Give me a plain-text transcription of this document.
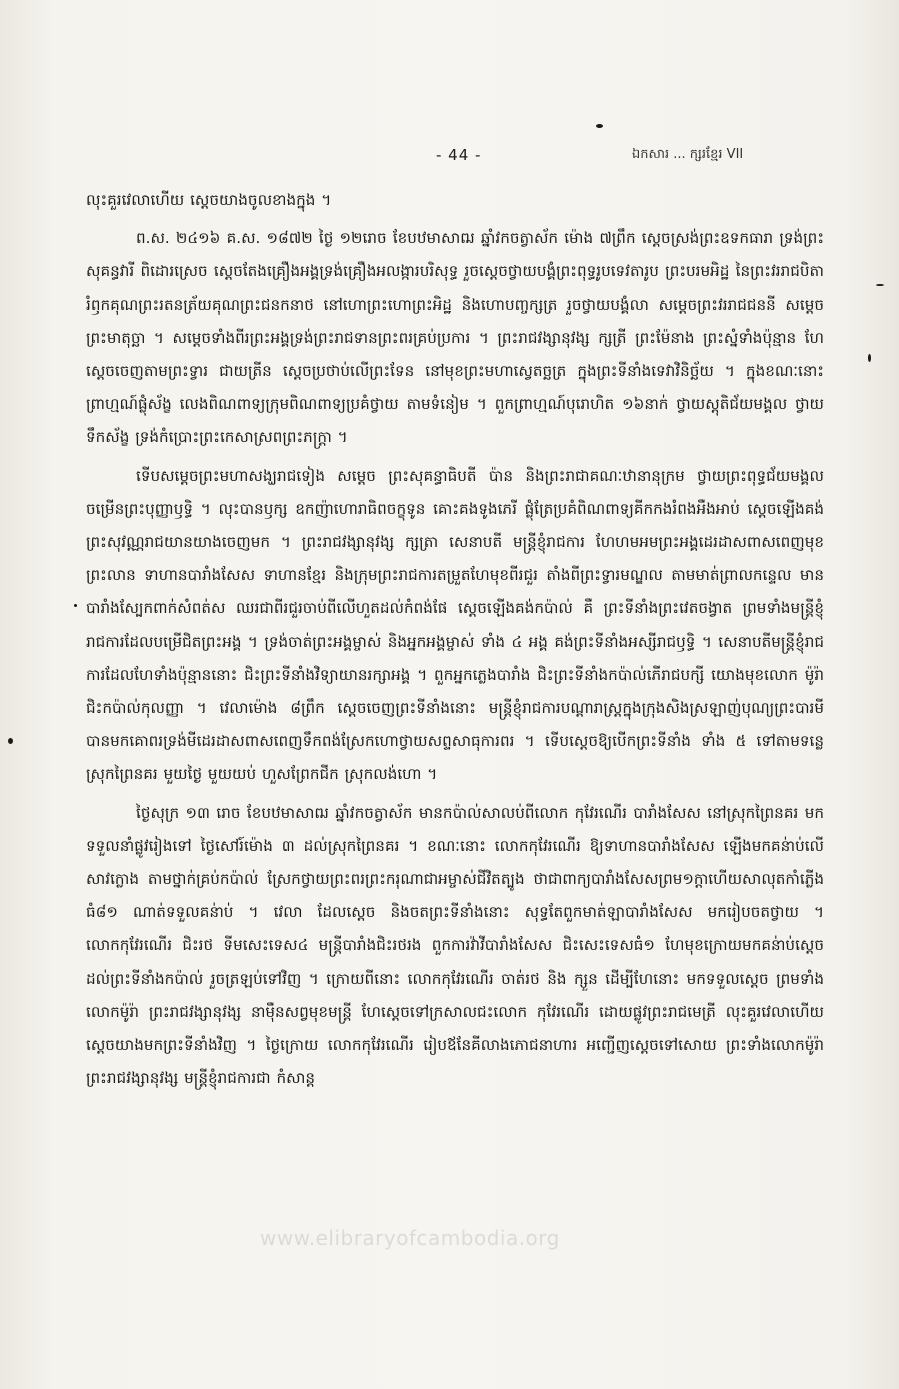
- 44 -	ឯកសារ ... ក្សរខ្មែរ VII

លុះគួរវេលាហើយ ស្តេចយាងចូលខាងក្នុង ។

ព.ស. ២៤១៦ គ.ស. ១៨៧២ ថ្ងៃ ១២រោច ខែបឋមាសាឍ ឆ្នាំវកចត្វាស័ក ម៉ោង ៧ព្រឹក ស្តេចស្រង់ព្រះឧទកធារា ទ្រង់ព្រះសុគន្ធវារី ពិដោរស្រេច ស្តេចតែងគ្រឿងអង្គទ្រង់គ្រឿងអលង្ការបរិសុទ្ធ រួចស្តេចថ្វាយបង្គំព្រះពុទ្ធរូបទេវតារូប ព្រះបរមអិដ្ឋ នៃព្រះវររាជបិតា រំឭកគុណព្រះរតនត្រ័យគុណព្រះជនកនាថ នៅហោព្រះហោព្រះអិដ្ឋ និងហោបញ្ចក្សត្រ រួចថ្វាយបង្គំលា សម្តេចព្រះវររាជជននី សម្តេចព្រះមាតុច្ឆា ។ សម្តេចទាំងពីរព្រះអង្គទ្រង់ព្រះរាជទានព្រះពរគ្រប់ប្រការ ។ ព្រះរាជវង្សានុវង្ស ក្សត្រី ព្រះម៉ែនាង ព្រះស្នំទាំងប៉ុន្មាន ហែស្តេចចេញតាមព្រះទ្វារ ជាយត្រីន ស្តេចប្រថាប់លើព្រះទែន នៅមុខព្រះមហាស្វេតច្ឆត្រ ក្នុងព្រះទីនាំងទេវាវិនិច្ឆ័យ ។ ក្នុងខណៈនោះ ព្រាហ្មណ៍ផ្លុំស័ង្ខ លេងពិណពាទ្យក្រុមពិណពាទ្យប្រគំថ្វាយ តាមទំនៀម ។ ពួកព្រាហ្មណ៍បុរោហិត ១៦នាក់ ថ្វាយស្តុតិជ័យមង្គល ថ្វាយទឹកស័ង្ខ ទ្រង់កំប្រោះព្រះកេសាស្រពព្រះភក្ត្រា ។

ទើបសម្តេចព្រះមហាសង្ឃរាជទៀង សម្តេច ព្រះសុគន្ធាធិបតី ប៉ាន និងព្រះរាជាគណៈឋានានុក្រម ថ្វាយព្រះពុទ្ធជ័យមង្គល ចម្រើនព្រះបុញ្ញាឫទ្ធិ ។ លុះបានឫក្ស ឧកញ៉ាហោរាធិពចក្ខុទូន គោះគងទូងភេរី ផ្លុំត្រែប្រគំពិណពាទ្យគីកកងរំពងអឺងអាប់ ស្តេចឡើងគង់ព្រះសុវណ្ណរាជយានយាងចេញមក ។ ព្រះរាជវង្សានុវង្ស ក្សត្រា សេនាបតី មន្ត្រីខ្ញុំរាជការ ហែហមអមព្រះអង្គដេរដាសពាសពេញមុខព្រះលាន ទាហានបារាំងសែស ទាហានខ្មែរ និងក្រុមព្រះរាជការតម្រួតហែមុខពីរជួរ តាំងពីព្រះទ្វារមណ្ឌល តាមមាត់ព្រាលកន្ទេល មានបារាំងស្បែកពាក់សំពត់ស ឈរជាពីរជួរចាប់ពីលើហួតដល់កំពង់ផែ ស្តេចឡើងគង់កប៉ាល់ គឺ ព្រះទីនាំងព្រះវេតចង្វាត ព្រមទាំងមន្ត្រីខ្ញុំរាជការដែលបម្រើជិតព្រះអង្គ ។ ទ្រង់ចាត់ព្រះអង្គម្ចាស់ និងអ្នកអង្គម្ចាស់ ទាំង ៤ អង្គ គង់ព្រះទីនាំងអស្សីរាជឫទ្ធិ ។ សេនាបតីមន្ត្រីខ្ញុំរាជការដែលហែទាំងប៉ុន្មាននោះ ជិះព្រះទីនាំងវិទ្យាយានរក្សាអង្គ ។ ពួកអ្នកភ្លេងបារាំង ជិះព្រះទីនាំងកប៉ាល់ភើរាជបក្សី យោងមុខលោក ម៉ូរ៉ា ជិះកប៉ាល់កុលញ្ញា ។ វេលាម៉ោង ៨ព្រឹក ស្តេចចេញព្រះទីនាំងនោះ មន្ត្រីខ្ញុំរាជការបណ្តារាស្ត្រក្នុងក្រុងសិងស្រឡាញ់បុណ្យព្រះបារមី បានមកគោពរទ្រង់មីដេរដាសពាសពេញទឹកពង់ស្រែកហោថ្វាយសព្ទសាធុការពរ ។ ទើបស្តេចឱ្យបើកព្រះទីនាំង ទាំង ៥ ទៅតាមទន្លេ ស្រុកព្រៃនគរ មួយថ្ងៃ មួយយប់ ហួសព្រែកជីក ស្រុកលង់ហោ ។

ថ្ងៃសុក្រ ១៣ រោច ខែបឋមាសាឍ ឆ្នាំវកចត្វាស័ក មានកប៉ាល់សាលប់ពីលោក កុវែរណើរ បារាំងសែស នៅស្រុកព្រៃនគរ មកទទួលនាំផ្លូវរៀងទៅ ថ្ងៃសៅរ៍ម៉ោង ៣ ដល់ស្រុកព្រៃនគរ ។ ខណៈនោះ លោកកុវែរណើរ ឱ្យទាហានបារាំងសែស ឡើងមកគន់ាប់លើសាវក្លោង តាមថ្នាក់គ្រប់កប៉ាល់ ស្រែកថ្វាយព្រះពរព្រះករុណាជាអម្ចាស់ជីវិតត្បូង ថាជាពាក្យបារាំងសែសព្រម១ក្តាហើយសាលុតកាំភ្លើងធំ៨១ ណាត់ទទួលគន់ាប់ ។ វេលា ដែលស្តេច និងចតព្រះទីនាំងនោះ សុទ្ធតែពួកមាត់ឡាបារាំងសែស មករៀបចតថ្វាយ ។ លោកកុវែរណើរ ជិះរថ ទីមសេះទេស៤ មន្ត្រីបារាំងជិះរថរង ពួកការវ៉ាវីបារាំងសែស ជិះសេះទេសធំ១ ហែមុខក្រោយមកគន់ាប់ស្តេច ដល់ព្រះទីនាំងកប៉ាល់ រួចត្រឡប់ទៅវិញ ។ ក្រោយពីនោះ លោកកុវែរណើរ ចាត់រថ និង ក្សួន ដើម្បីហែនោះ មកទទួលស្តេច ព្រមទាំងលោកម៉ូរ៉ា ព្រះរាជវង្សានុវង្ស នាម៉ឺនសព្វមុខមន្ត្រី ហែស្តេចទៅក្រសាលជះលោក កុវែរណើរ ដោយផ្លូវព្រះរាជមេត្រី លុះគួរវេលាហើយ ស្តេចយាងមកព្រះទីនាំងវិញ ។ ថ្ងៃក្រោយ លោកកុវែរណើរ រៀបឪនែគីលាងភោជនាហារ អញ្ជើញស្តេចទៅសោយ ព្រះទាំងលោកម៉ូរ៉ា ព្រះរាជវង្សានុវង្ស មន្ត្រីខ្ញុំរាជការជា កំសាន្ត

www.elibraryofcambodia.org
